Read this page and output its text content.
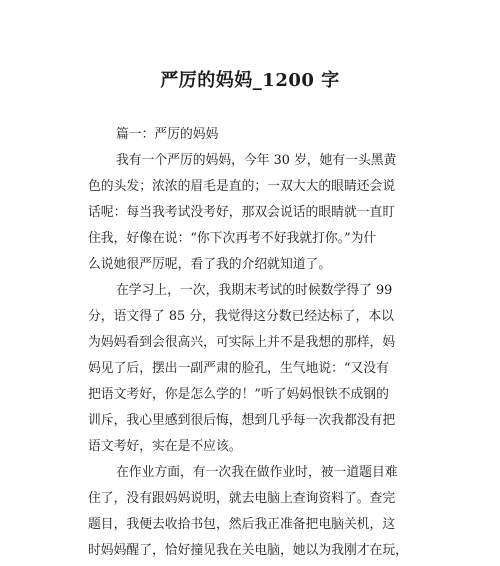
严厉的妈妈_1200 字
篇一：严厉的妈妈
我有一个严厉的妈妈，今年 30 岁，她有一头黑黄
色的头发；浓浓的眉毛是直的；一双大大的眼睛还会说
话呢：每当我考试没考好，那双会说话的眼睛就一直盯
住我，好像在说：“你下次再考不好我就打你。”为什
么说她很严厉呢，看了我的介绍就知道了。
在学习上，一次，我期末考试的时候数学得了 99
分，语文得了 85 分，我觉得这分数已经达标了，本以
为妈妈看到会很高兴，可实际上并不是我想的那样，妈
妈见了后，摆出一副严肃的脸孔，生气地说：“又没有
把语文考好，你是怎么学的！”听了妈妈恨铁不成钢的
训斥，我心里感到很后悔，想到几乎每一次我都没有把
语文考好，实在是不应该。
在作业方面，有一次我在做作业时，被一道题目难
住了，没有跟妈妈说明，就去电脑上查询资料了。查完
题目，我便去收拾书包，然后我正准备把电脑关机，这
时妈妈醒了，恰好撞见我在关电脑，她以为我刚才在玩，
